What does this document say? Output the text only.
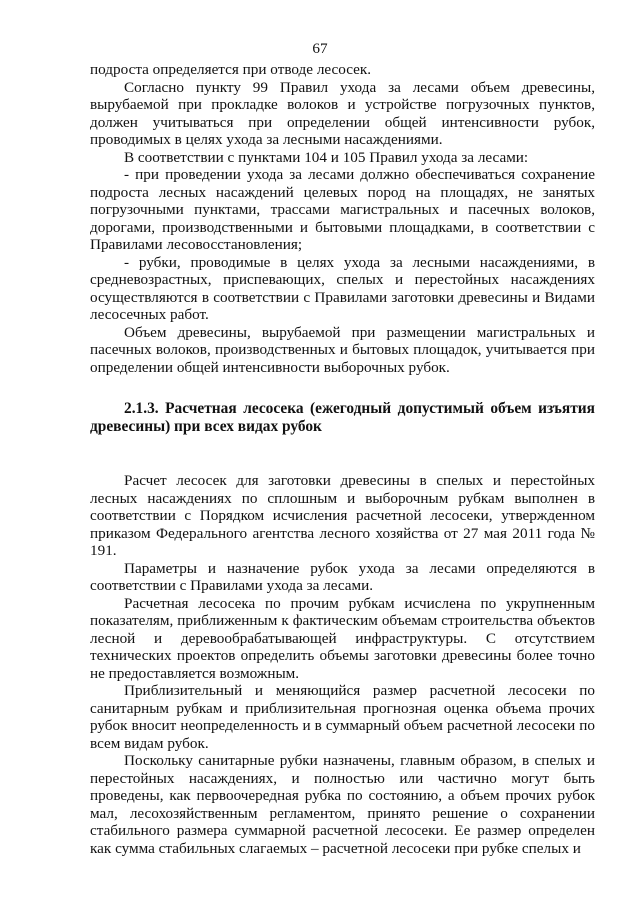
67

подроста определяется при отводе лесосек.

Согласно пункту 99 Правил ухода за лесами объем древесины, вырубаемой при прокладке волоков и устройстве погрузочных пунктов, должен учитываться при определении общей интенсивности рубок, проводимых в целях ухода за лесными насаждениями.

В соответствии с пунктами 104 и 105 Правил ухода за лесами:

- при проведении ухода за лесами должно обеспечиваться сохранение подроста лесных насаждений целевых пород на площадях, не занятых погрузочными пунктами, трассами магистральных и пасечных волоков, дорогами, производственными и бытовыми площадками, в соответствии с Правилами лесовосстановления;

- рубки, проводимые в целях ухода за лесными насаждениями, в средневозрастных, приспевающих, спелых и перестойных насаждениях осуществляются в соответствии с Правилами заготовки древесины и Видами лесосечных работ.

Объем древесины, вырубаемой при размещении магистральных и пасечных волоков, производственных и бытовых площадок, учитывается при определении общей интенсивности выборочных рубок.

2.1.3. Расчетная лесосека (ежегодный допустимый объем изъятия древесины) при всех видах рубок

Расчет лесосек для заготовки древесины в спелых и перестойных лесных насаждениях по сплошным и выборочным рубкам выполнен в соответствии с Порядком исчисления расчетной лесосеки, утвержденном приказом Федерального агентства лесного хозяйства от 27 мая 2011 года № 191.

Параметры и назначение рубок ухода за лесами определяются в соответствии с Правилами ухода за лесами.

Расчетная лесосека по прочим рубкам исчислена по укрупненным показателям, приближенным к фактическим объемам строительства объектов лесной и деревообрабатывающей инфраструктуры. С отсутствием технических проектов определить объемы заготовки древесины более точно не предоставляется возможным.

Приблизительный и меняющийся размер расчетной лесосеки по санитарным рубкам и приблизительная прогнозная оценка объема прочих рубок вносит неопределенность и в суммарный объем расчетной лесосеки по всем видам рубок.

Поскольку санитарные рубки назначены, главным образом, в спелых и перестойных насаждениях, и полностью или частично могут быть проведены, как первоочередная рубка по состоянию, а объем прочих рубок мал, лесохозяйственным регламентом, принято решение о сохранении стабильного размера суммарной расчетной лесосеки. Ее размер определен как сумма стабильных слагаемых – расчетной лесосеки при рубке спелых и
